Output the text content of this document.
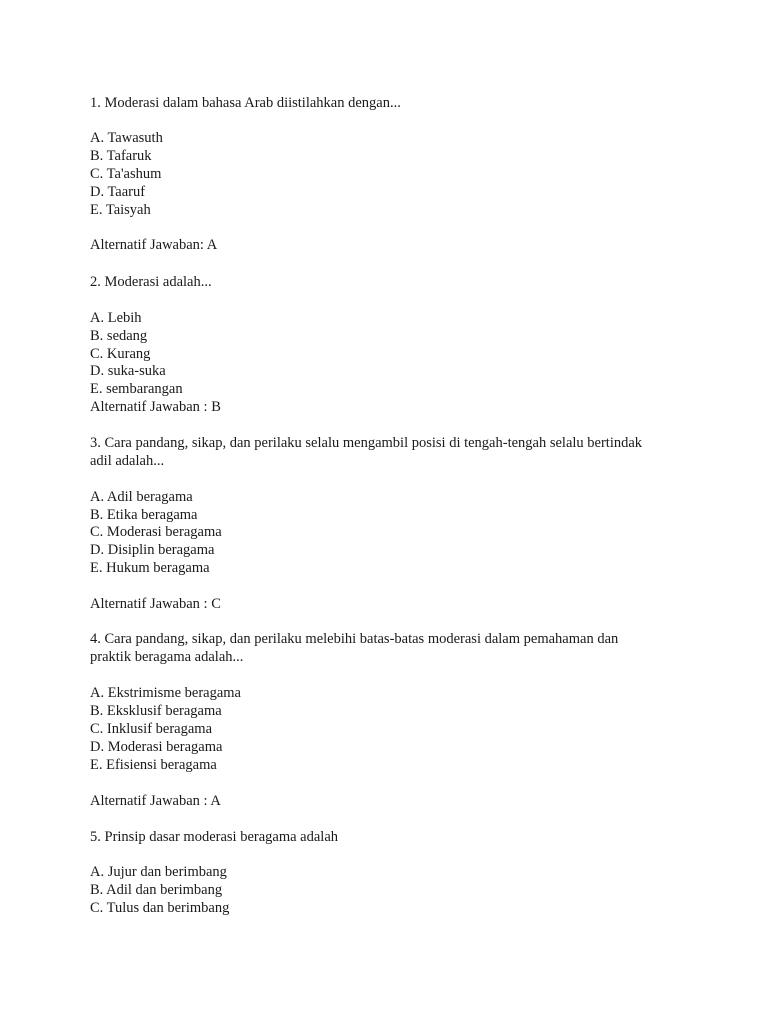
1. Moderasi dalam bahasa Arab diistilahkan dengan...
A. Tawasuth
B. Tafaruk
C. Ta'ashum
D. Taaruf
E. Taisyah
Alternatif Jawaban: A
2. Moderasi adalah...
A. Lebih
B. sedang
C. Kurang
D. suka-suka
E. sembarangan
Alternatif Jawaban : B
3. Cara pandang, sikap, dan perilaku selalu mengambil posisi di tengah-tengah selalu bertindak
adil adalah...
A. Adil beragama
B. Etika beragama
C. Moderasi beragama
D. Disiplin beragama
E. Hukum beragama
Alternatif Jawaban : C
4. Cara pandang, sikap, dan perilaku melebihi batas-batas moderasi dalam pemahaman dan
praktik beragama adalah...
A. Ekstrimisme beragama
B. Eksklusif beragama
C. Inklusif beragama
D. Moderasi beragama
E. Efisiensi beragama
Alternatif Jawaban : A
5. Prinsip dasar moderasi beragama adalah
A. Jujur dan berimbang
B. Adil dan berimbang
C. Tulus dan berimbang
